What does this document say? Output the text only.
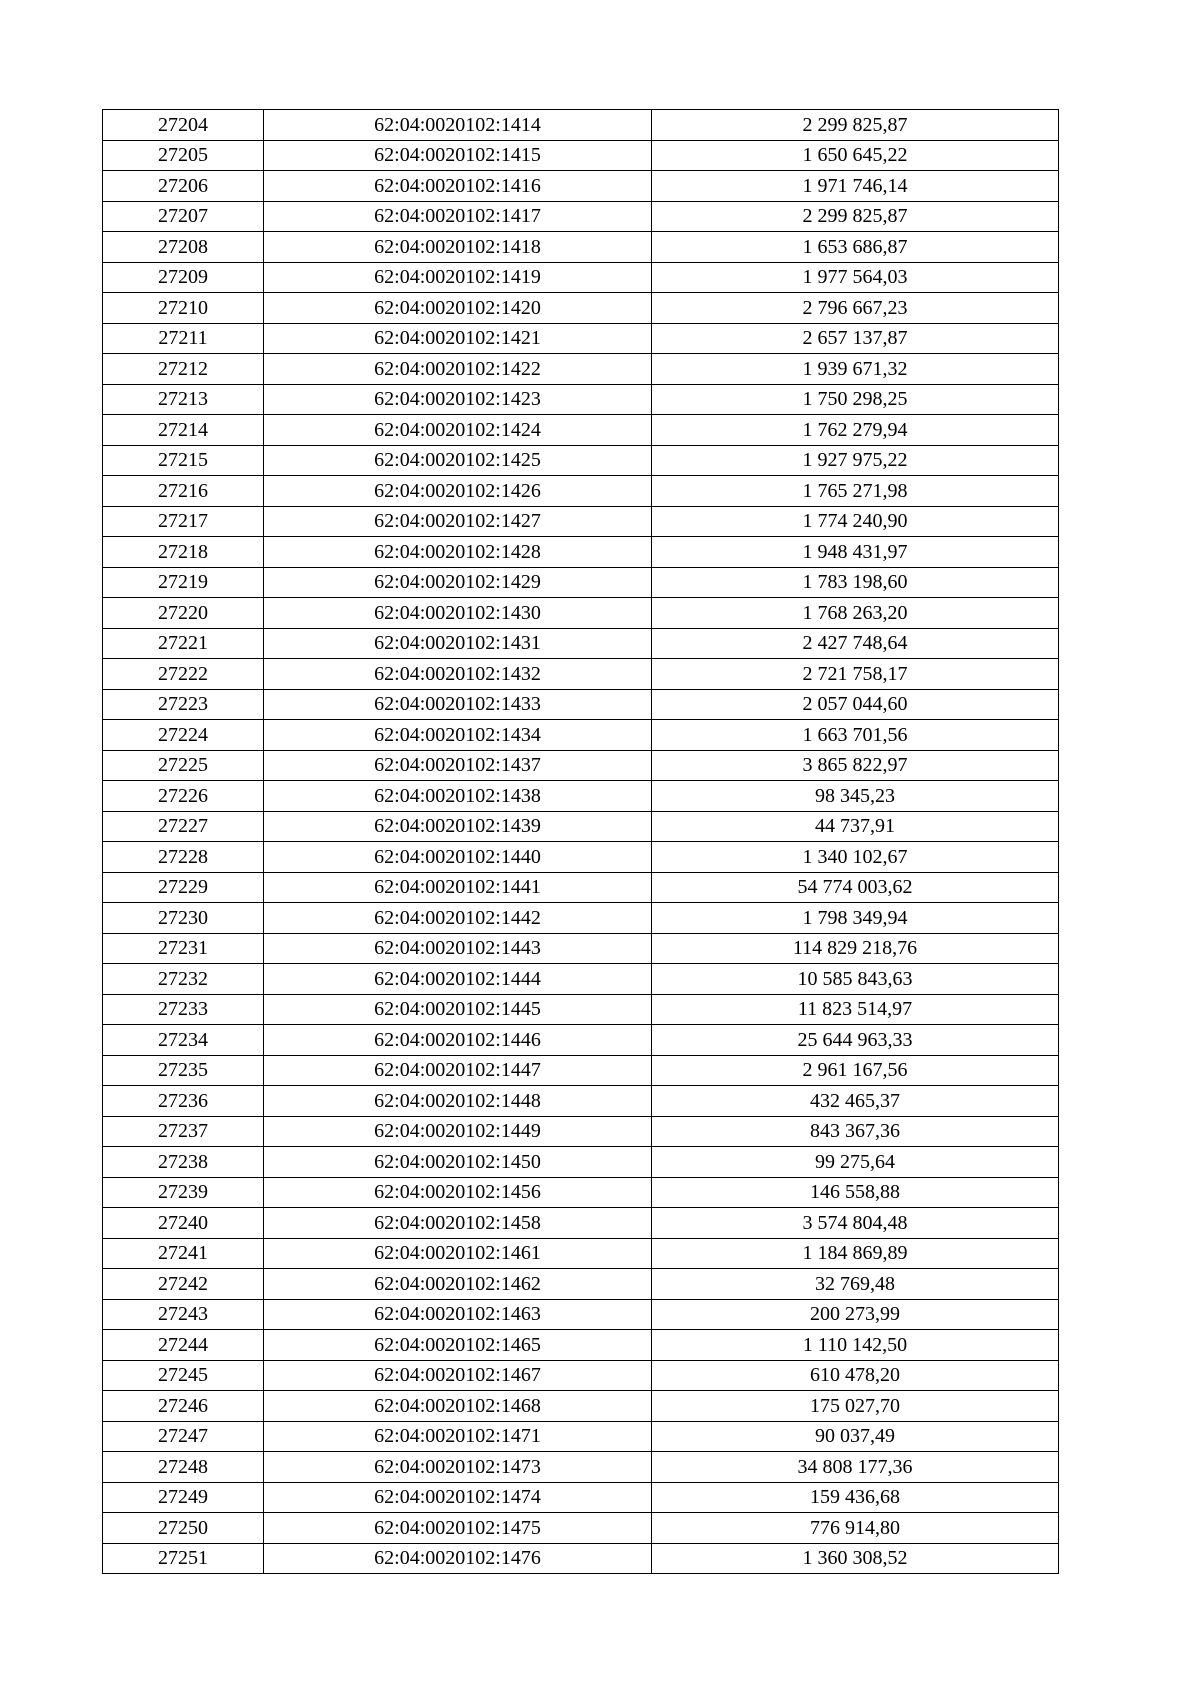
27204	62:04:0020102:1414	2 299 825,87
27205	62:04:0020102:1415	1 650 645,22
27206	62:04:0020102:1416	1 971 746,14
27207	62:04:0020102:1417	2 299 825,87
27208	62:04:0020102:1418	1 653 686,87
27209	62:04:0020102:1419	1 977 564,03
27210	62:04:0020102:1420	2 796 667,23
27211	62:04:0020102:1421	2 657 137,87
27212	62:04:0020102:1422	1 939 671,32
27213	62:04:0020102:1423	1 750 298,25
27214	62:04:0020102:1424	1 762 279,94
27215	62:04:0020102:1425	1 927 975,22
27216	62:04:0020102:1426	1 765 271,98
27217	62:04:0020102:1427	1 774 240,90
27218	62:04:0020102:1428	1 948 431,97
27219	62:04:0020102:1429	1 783 198,60
27220	62:04:0020102:1430	1 768 263,20
27221	62:04:0020102:1431	2 427 748,64
27222	62:04:0020102:1432	2 721 758,17
27223	62:04:0020102:1433	2 057 044,60
27224	62:04:0020102:1434	1 663 701,56
27225	62:04:0020102:1437	3 865 822,97
27226	62:04:0020102:1438	98 345,23
27227	62:04:0020102:1439	44 737,91
27228	62:04:0020102:1440	1 340 102,67
27229	62:04:0020102:1441	54 774 003,62
27230	62:04:0020102:1442	1 798 349,94
27231	62:04:0020102:1443	114 829 218,76
27232	62:04:0020102:1444	10 585 843,63
27233	62:04:0020102:1445	11 823 514,97
27234	62:04:0020102:1446	25 644 963,33
27235	62:04:0020102:1447	2 961 167,56
27236	62:04:0020102:1448	432 465,37
27237	62:04:0020102:1449	843 367,36
27238	62:04:0020102:1450	99 275,64
27239	62:04:0020102:1456	146 558,88
27240	62:04:0020102:1458	3 574 804,48
27241	62:04:0020102:1461	1 184 869,89
27242	62:04:0020102:1462	32 769,48
27243	62:04:0020102:1463	200 273,99
27244	62:04:0020102:1465	1 110 142,50
27245	62:04:0020102:1467	610 478,20
27246	62:04:0020102:1468	175 027,70
27247	62:04:0020102:1471	90 037,49
27248	62:04:0020102:1473	34 808 177,36
27249	62:04:0020102:1474	159 436,68
27250	62:04:0020102:1475	776 914,80
27251	62:04:0020102:1476	1 360 308,52
